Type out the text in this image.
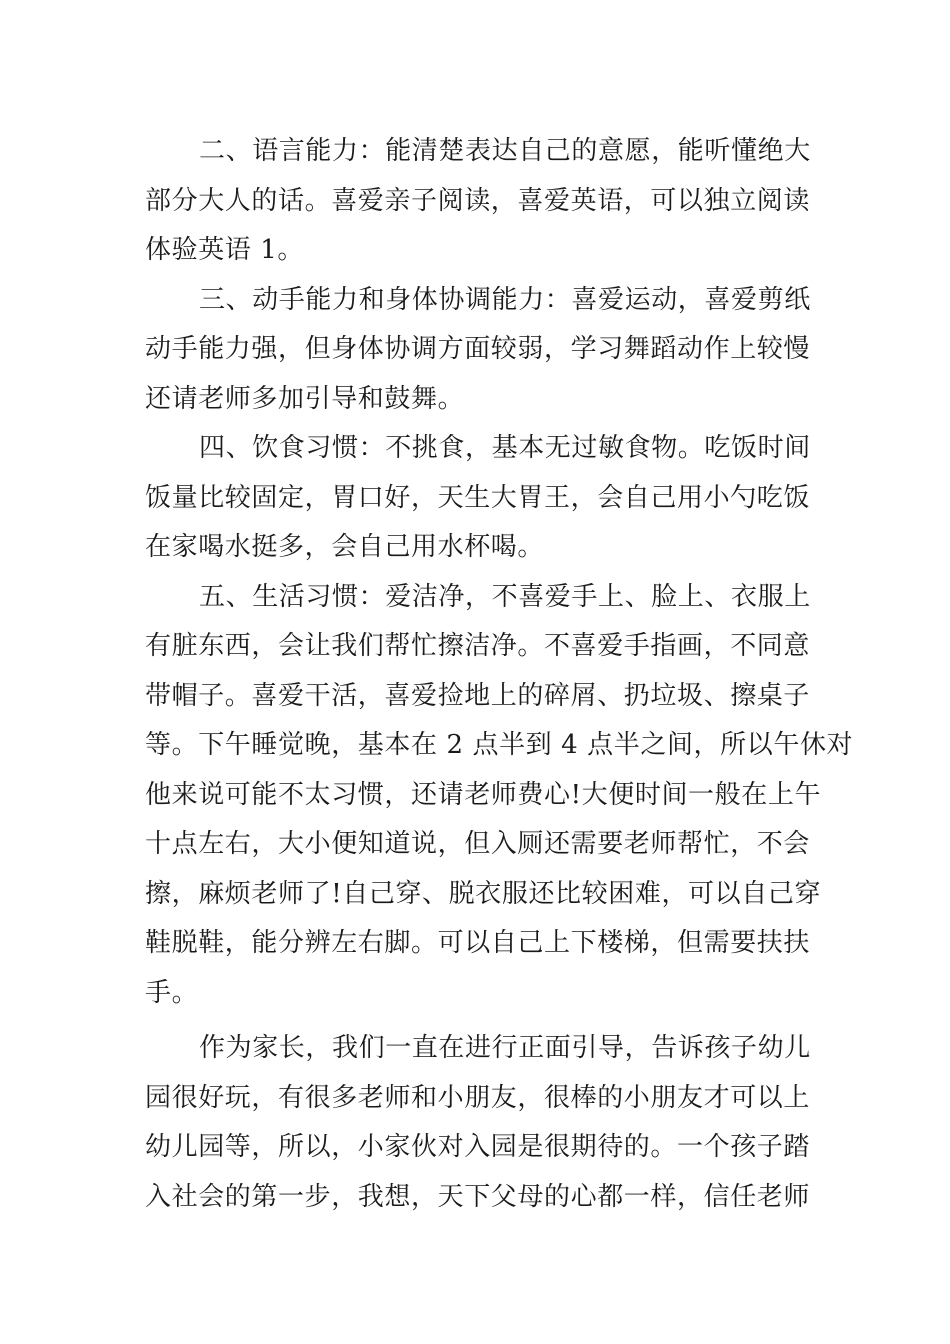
二、语言能力：能清楚表达自己的意愿，能听懂绝大
部分大人的话。喜爱亲子阅读，喜爱英语，可以独立阅读
体验英语 1。
三、动手能力和身体协调能力：喜爱运动，喜爱剪纸
动手能力强，但身体协调方面较弱，学习舞蹈动作上较慢
还请老师多加引导和鼓舞。
四、饮食习惯：不挑食，基本无过敏食物。吃饭时间
饭量比较固定，胃口好，天生大胃王，会自己用小勺吃饭
在家喝水挺多，会自己用水杯喝。
五、生活习惯：爱洁净，不喜爱手上、脸上、衣服上
有脏东西，会让我们帮忙擦洁净。不喜爱手指画，不同意
带帽子。喜爱干活，喜爱捡地上的碎屑、扔垃圾、擦桌子
等。下午睡觉晚，基本在 2 点半到 4 点半之间，所以午休对
他来说可能不太习惯，还请老师费心!大便时间一般在上午
十点左右，大小便知道说，但入厕还需要老师帮忙，不会
擦，麻烦老师了!自己穿、脱衣服还比较困难，可以自己穿
鞋脱鞋，能分辨左右脚。可以自己上下楼梯，但需要扶扶
手。
作为家长，我们一直在进行正面引导，告诉孩子幼儿
园很好玩，有很多老师和小朋友，很棒的小朋友才可以上
幼儿园等，所以，小家伙对入园是很期待的。一个孩子踏
入社会的第一步，我想，天下父母的心都一样，信任老师
